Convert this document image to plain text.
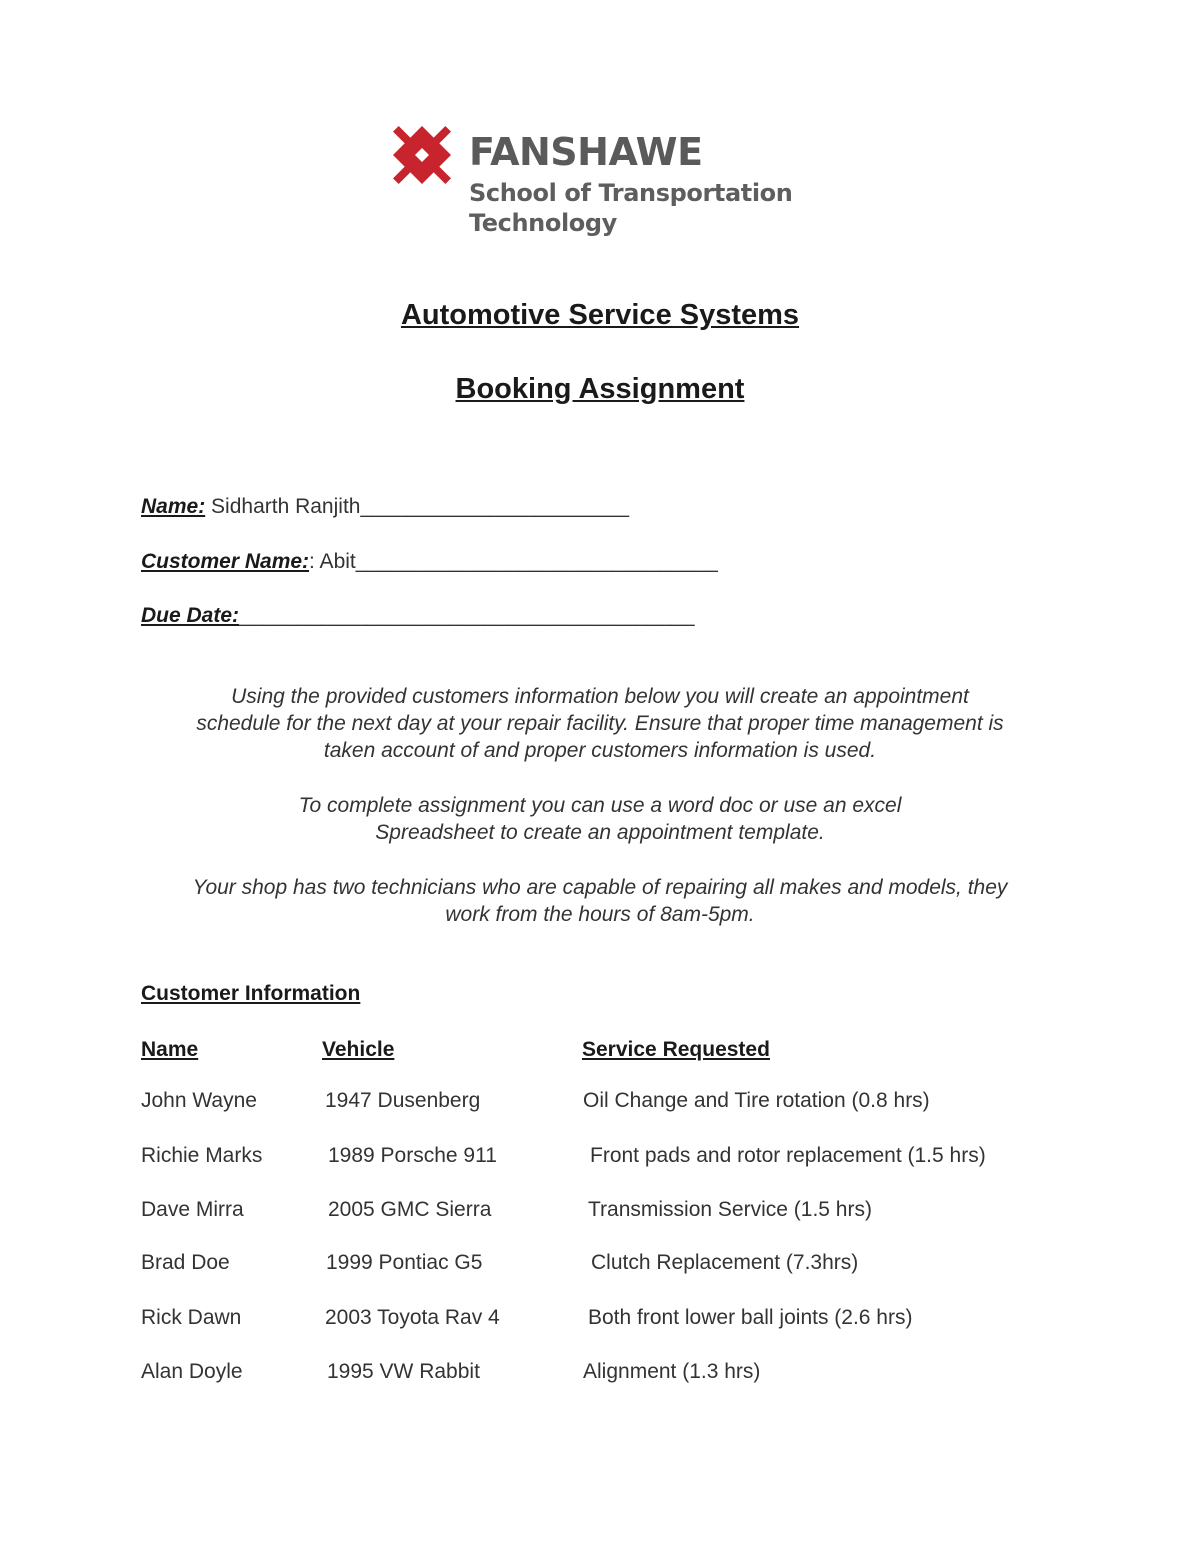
FANSHAWE
School of Transportation
Technology
Automotive Service Systems
Booking Assignment
Name: Sidharth Ranjith_______________________
Customer Name:: Abit_______________________________
Due Date:_______________________________________
Using the provided customers information below you will create an appointment
schedule for the next day at your repair facility. Ensure that proper time management is
taken account of and proper customers information is used.
To complete assignment you can use a word doc or use an excel
Spreadsheet to create an appointment template.
Your shop has two technicians who are capable of repairing all makes and models, they
work from the hours of 8am-5pm.
Customer Information
Name	Vehicle	Service Requested
John Wayne	1947 Dusenberg	Oil Change and Tire rotation (0.8 hrs)
Richie Marks	1989 Porsche 911	Front pads and rotor replacement (1.5 hrs)
Dave Mirra	2005 GMC Sierra	Transmission Service (1.5 hrs)
Brad Doe	1999 Pontiac G5	Clutch Replacement (7.3hrs)
Rick Dawn	2003 Toyota Rav 4	Both front lower ball joints (2.6 hrs)
Alan Doyle	1995 VW Rabbit	Alignment (1.3 hrs)
